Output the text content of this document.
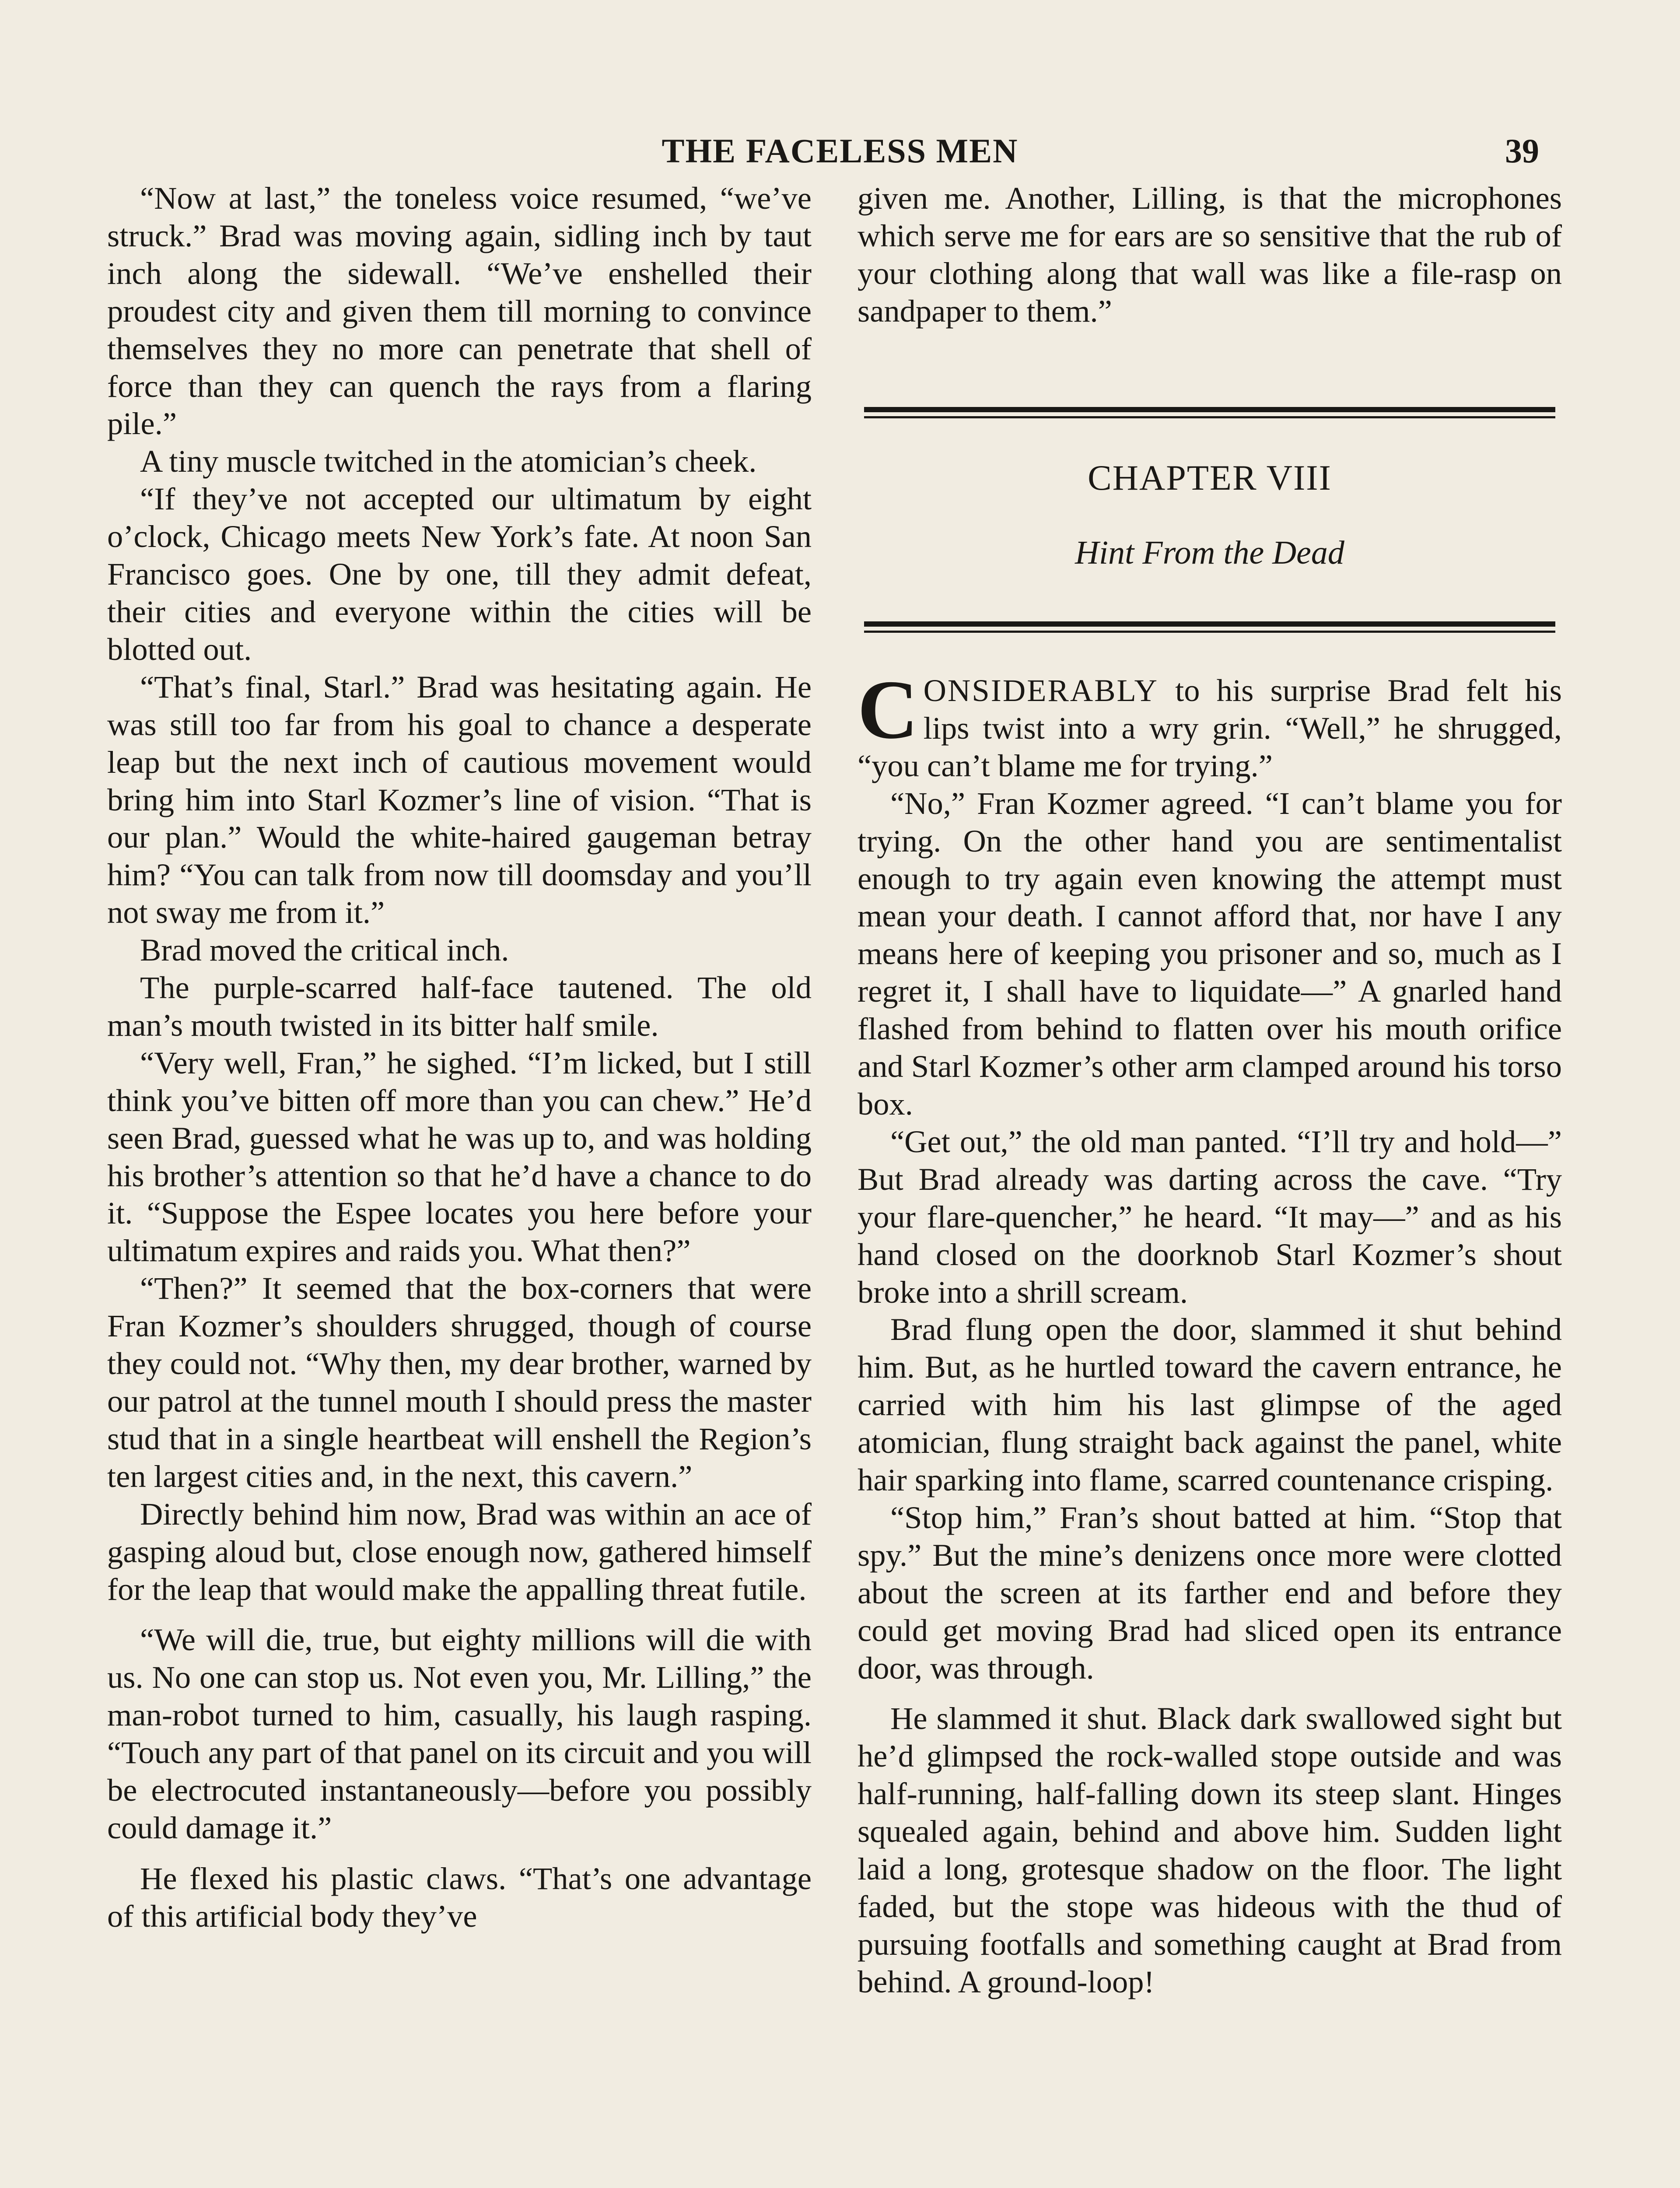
THE FACELESS MEN	39

“Now at last,” the toneless voice resumed, “we’ve struck.” Brad was moving again, sidling inch by taut inch along the sidewall. “We’ve enshelled their proudest city and given them till morning to convince themselves they no more can penetrate that shell of force than they can quench the rays from a flaring pile.”

A tiny muscle twitched in the atomician’s cheek.

“If they’ve not accepted our ultimatum by eight o’clock, Chicago meets New York’s fate. At noon San Francisco goes. One by one, till they admit defeat, their cities and everyone within the cities will be blotted out.

“That’s final, Starl.” Brad was hesitating again. He was still too far from his goal to chance a desperate leap but the next inch of cautious movement would bring him into Starl Kozmer’s line of vision. “That is our plan.” Would the white-haired gaugeman betray him? “You can talk from now till doomsday and you’ll not sway me from it.”

Brad moved the critical inch.

The purple-scarred half-face tautened. The old man’s mouth twisted in its bitter half smile.

“Very well, Fran,” he sighed. “I’m licked, but I still think you’ve bitten off more than you can chew.” He’d seen Brad, guessed what he was up to, and was holding his brother’s attention so that he’d have a chance to do it. “Suppose the Espee locates you here before your ultimatum expires and raids you. What then?”

“Then?” It seemed that the box-corners that were Fran Kozmer’s shoulders shrugged, though of course they could not. “Why then, my dear brother, warned by our patrol at the tunnel mouth I should press the master stud that in a single heartbeat will enshell the Region’s ten largest cities and, in the next, this cavern.”

Directly behind him now, Brad was within an ace of gasping aloud but, close enough now, gathered himself for the leap that would make the appalling threat futile.

“We will die, true, but eighty millions will die with us. No one can stop us. Not even you, Mr. Lilling,” the man-robot turned to him, casually, his laugh rasping. “Touch any part of that panel on its circuit and you will be electrocuted instantaneously—before you possibly could damage it.”

He flexed his plastic claws. “That’s one advantage of this artificial body they’ve

given me. Another, Lilling, is that the microphones which serve me for ears are so sensitive that the rub of your clothing along that wall was like a file-rasp on sandpaper to them.”

CHAPTER VIII
Hint From the Dead

CONSIDERABLY to his surprise Brad felt his lips twist into a wry grin. “Well,” he shrugged, “you can’t blame me for trying.”

“No,” Fran Kozmer agreed. “I can’t blame you for trying. On the other hand you are sentimentalist enough to try again even knowing the attempt must mean your death. I cannot afford that, nor have I any means here of keeping you prisoner and so, much as I regret it, I shall have to liquidate—” A gnarled hand flashed from behind to flatten over his mouth orifice and Starl Kozmer’s other arm clamped around his torso box.

“Get out,” the old man panted. “I’ll try and hold—” But Brad already was darting across the cave. “Try your flare-quencher,” he heard. “It may—” and as his hand closed on the doorknob Starl Kozmer’s shout broke into a shrill scream.

Brad flung open the door, slammed it shut behind him. But, as he hurtled toward the cavern entrance, he carried with him his last glimpse of the aged atomician, flung straight back against the panel, white hair sparking into flame, scarred countenance crisping.

“Stop him,” Fran’s shout batted at him. “Stop that spy.” But the mine’s denizens once more were clotted about the screen at its farther end and before they could get moving Brad had sliced open its entrance door, was through.

He slammed it shut. Black dark swallowed sight but he’d glimpsed the rock-walled stope outside and was half-running, half-falling down its steep slant. Hinges squealed again, behind and above him. Sudden light laid a long, grotesque shadow on the floor. The light faded, but the stope was hideous with the thud of pursuing footfalls and something caught at Brad from behind. A ground-loop!
